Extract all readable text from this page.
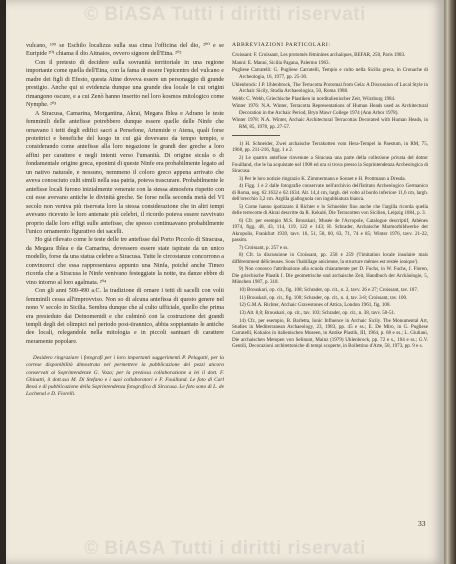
© BiASA Tutti i diritti riservati

vulcano, ¹⁹⁹ se Eschilo localizza sulla sua cima l'officina del dio, ²⁰⁰ e se Euripide ²⁰¹ chiama il dio Aitnaios, ovvero signore dell'Etna. ²⁰²

Con il pretesto di decidere sulla sovranità territoriale in una regione importante come quella dell'Etna, con la fama di essere l'epicentro del vulcano e madre dei figli di Efesto, questa Aitne doveva essere un personaggio di grande prestigio. Anche qui si evidenzia dunque una grande dea locale le cui origini rimangono oscure, e a cui Zenò hanno inserito nel loro kosmos mitologico come Nymphe. ²⁰³

A Siracusa, Camarina, Morgantina, Akrai, Megara Iblea e Adrano le teste femminili delle antefisse potrebbero dunque essere quelle delle Ninfe che ornavano i tetti degli edifici sacri a Persefone, Artemide o Atena, quali forse protettrici e benefiche del luogo in cui già dovevano da tempo tempio, e considerando come antefisse alla loro negazione le grandi dee greche a loro affini per carattere e negli intenti verso l'umanità. Di origine sicula o di fondamentale origine greca, eponimi di queste Ninfe era probabilmente legato ad un nativo naturale, e nessuno, nemmeno il coloro greco appena arrivato che aveva conosciuto culti simili nella sua patria, poteva trascurare. Probabilmente le antefisse locali furono inizialmente venerate con la stessa atmosfera rispetto con cui esse avevano antiche le divinità greche. Se forse nella seconda metà del VI secolo non veniva più riservata loro la stessa considerazione che in altri tempi avevano ricevuto le loro antenate più celebri, il ricordo poteva essere ravvivato proprio dalle loro effigi sulle antefisse, che spesso continuavano probabilmente l'unico ornamento figurativo dei sacelli.

Ho già rilevato come le teste delle tre antefisse dal Porto Piccolo di Siracusa, da Megara Iblea e da Camarina, dovessero essere state ispirate da un unico modello, forse da una statua celebre a Siracusa. Tutte le circostanze concorrono a convincerci che essa rappresentava appunto una Ninfa, poiché anche Timeo ricorda che a Siracusa le Ninfe venivano festeggiate la notte, tra danze ebbre di vino intorno al loro agalmata. ²⁰⁴

Con gli anni 500-490 a.C. la tradizione di ornare i tetti di sacelli con volti femminili cessa all'improvviso. Non so di alcuna antefissa di questo genere nel nono V secolo in Sicilia. Sembra dunque che al culto ufficiale, quello che prima era presieduto dai Deinomenidi e che culminò con la costruzione dei grandi templi degli dei olimpici nel periodo post-tirannico, abbia soppiantato le antiche dee locali, relegandole nella mitologia e in piccoli santuari di carattere meramente popolare.

Desidero ringraziare i fotografi per i loro importanti suggerimenti P. Pelagatti, per la cortese disponibilità dimostrata nel permettere la pubblicazione dei pezzi ancora conservati ai Soprintendenze G. Voza; per la preziosa collaborazione a lei il dott. F. Ghinatti, il dott.ssa M. Di Stefano e i suoi collaboratori e F. Fouilland. Le foto di Carl Bessi e di pubblicazione della Soprintendenza fotografica di Siracusa. Le foto sono di L. de Lachenal e D. Fiorelli.

ABBREVIAZIONI PARTICOLARI:

Croissant: F. Croissant, Les protomés féminines archaïques, BEFAR, 250, Paris 1983.

Manni: E. Manni, Sicilia Pagana, Palermo 1963.

Pugliese Carratelli: G. Pugliese Carratelli, Tempio e culto nella Sicilia greca, in Cronache di Archeologia, 16, 1977, pp. 25-30.

Uhlenbrock: J.P. Uhlenbrock, The Terracotta Protomai from Gela: A Discussion of Local Style in Archaic Sicily, Studia Archaeologica, 50, Roma 1988.

Webb: C. Webb, Griechische Plastiken in norditalienischer Zeit, Würzburg 1984.

Winter 1976: N.A. Winter, Terracotta Representations of Human Heads used as Architectural Decoration in the Archaic Period, Bryn Mawr College 1974 (Ann Arbor 1978).

Winter 1978: N.A. Winter, Archaic Architectural Terracottas Decorated with Human Heads, in RM, 85, 1978, pp. 27-57.

1) H. Schneider, Zwei archaische Terrakotten vom Hera-Tempel in Paestum, in RM, 75, 1968, pp. 211-216, figg. 1 e 2.

2) Le quattro antefisse rinvenute a Siracusa una parte della collezione privata del dottor Fouilland, che le ha acquistate nel 1908 ed ora si trova presso la Soprintendenza Archeologica di Siracusa.

3) Per le loro notizie ringrazio K. Zimmermann e Sonnet e H. Prottmann a Dresda.

4) Figg. 1 e 2 dalle fotografie conservate nell'archivio dell'Istituto Archeologico Germanico di Roma, neg. 62.1632 e 62.1634. Alt. 14,4 cm, largh. del volto al bordo inferiore 11,6 cm, largh. dell'orecchio 3,2 cm. Argilla giallognola con ingubbiatura bianca.

5) Come hanno ipotizzato il Richter e lo Schneider fino anche che l'argilla ricorda quella delle terrecotte di Akrai descritte da R. Kekulé, Die Terracotten von Sicilien, Leipzig 1884, p. 3.

6) Cfr. per esempio M.S. Brouskari, Musée de l'Acropole, Catalogue descriptif, Athènes 1974, figg. 40, 43, 114, 119, 122 e 143; H. Schrader, Archaische Marmorbildwerke der Akropolis, Frankfurt 1939, tavv. 16, 51, 58, 60, 63, 71, 74 e 85; Winter 1976, tavv. 21-22, passim.

7) Croissant, p. 257 e ss.

8) Cfr. la discussione in Croissant, pp. 258 e 259 ('l'imitation locale insulaire mais différemment délicieuses. Sous l'habillage anicienne, la structure mêmes est restée ionique').

9) Non conosco l'attribuzione alla scuola chiaramente per D. Fuchs, in W. Fuchs, J. Floren, Die griechische Plastik I. Die geometrische und archaische Zeit, Handbuch der Archäologie, 5, München 1987, p. 318.

10) Brouskari, op. cit., fig. 108; Schrader, op. cit., n. 2, tavv. 26 e 27; Croissant, tav. 107.

11) Brouskari, op. cit., fig. 100; Schrader, op. cit., n. 4, tav. 3-8; Croissant, tav. 100.

12) G.M.A. Richter, Archaic Gravestones of Attica, London 1961, fig. 108.

13) Alt. 8,8; Brouskari, op. cit., tav. 103; Schrader, op. cit., n. 38, tavv. 50-51.

14) Cfr., per esempio, B. Barletta, Ionic Influence in Archaic Sicily. The Monumental Art, Studies in Mediterranean Archaeology, 23, 1983, pp. 45 e ss.; E. De Miro, in G. Pugliese Carratelli, Kokalos in italienischen Museen, in Antike Plastik, III, 1964, p. 68 e ss.; L. Giuliani, Die archaischen Metopen von Selinunt, Mainz (1979) Uhlenbrock, pp. 72 e s., 104 e ss.; G.V. Gentili, Decorazioni architettoniche di tempi scoperte, in Bollettino d'Arte, 58, 1973, pp. 9 e s.

33
© BiASA Tutti i diritti riservati
